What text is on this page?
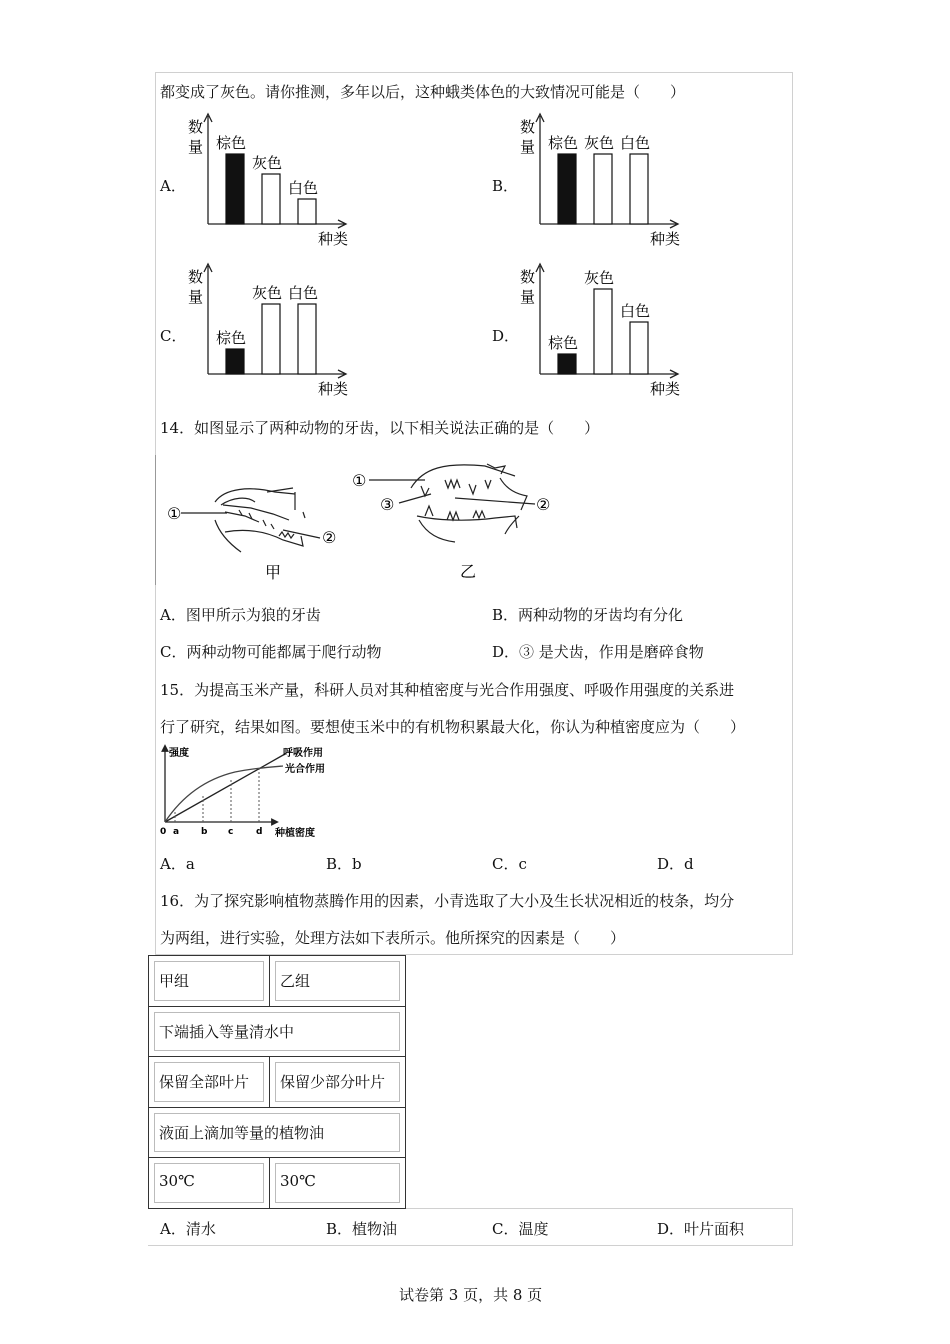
都变成了灰色。请你推测，多年以后，这种蛾类体色的大致情况可能是（　　）
A．
数
量
种类
棕色
灰色
白色	B．
数
量
种类
棕色 灰色 白色
C．
数
量
种类
棕色
灰色 白色
D．
数
量
种类
棕色
灰色
白色
14．如图显示了两种动物的牙齿，以下相关说法正确的是（　　）
①
②
甲
①
③	②
乙
A．图甲所示为狼的牙齿	B．两种动物的牙齿均有分化
C．两种动物可能都属于爬行动物	D．③ 是犬齿，作用是磨碎食物
15．为提高玉米产量，科研人员对其种植密度与光合作用强度、呼吸作用强度的关系进
行了研究，结果如图。要想使玉米中的有机物积累最大化，你认为种植密度应为（　　）
强度
种植密度
0 a b c	d
呼吸作用
光合作用
A．a	B．b	C．c	D．d
16．为了探究影响植物蒸腾作用的因素，小青选取了大小及生长状况相近的枝条，均分
为两组，进行实验，处理方法如下表所示。他所探究的因素是（　　）
甲组	乙组
下端插入等量清水中
保留全部叶片	保留少部分叶片
液面上滴加等量的植物油
30℃	30℃
A．清水	B．植物油	C．温度	D．叶片面积
试卷第 3 页，共 8 页
